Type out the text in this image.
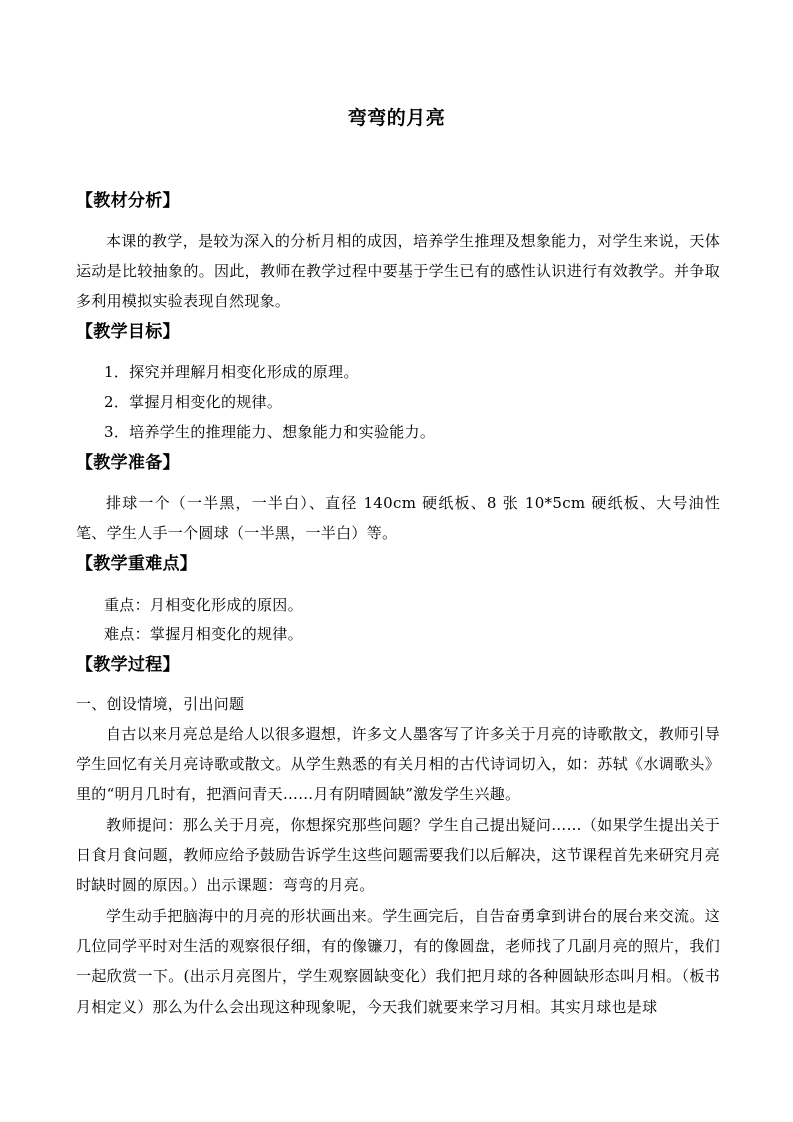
弯弯的月亮
【教材分析】
本课的教学，是较为深入的分析月相的成因，培养学生推理及想象能力，对学生来说，天体运动是比较抽象的。因此，教师在教学过程中要基于学生已有的感性认识进行有效教学。并争取多利用模拟实验表现自然现象。
【教学目标】
1．探究并理解月相变化形成的原理。
2．掌握月相变化的规律。
3．培养学生的推理能力、想象能力和实验能力。
【教学准备】
排球一个（一半黑，一半白）、直径 140cm 硬纸板、8 张 10*5cm 硬纸板、大号油性笔、学生人手一个圆球（一半黑，一半白）等。
【教学重难点】
重点：月相变化形成的原因。
难点：掌握月相变化的规律。
【教学过程】
一、创设情境，引出问题
自古以来月亮总是给人以很多遐想，许多文人墨客写了许多关于月亮的诗歌散文，教师引导学生回忆有关月亮诗歌或散文。从学生熟悉的有关月相的古代诗词切入，如：苏轼《水调歌头》里的“明月几时有，把酒问青天……月有阴晴圆缺”激发学生兴趣。
教师提问：那么关于月亮，你想探究那些问题？学生自己提出疑问……（如果学生提出关于日食月食问题，教师应给予鼓励告诉学生这些问题需要我们以后解决，这节课程首先来研究月亮时缺时圆的原因。）出示课题：弯弯的月亮。
学生动手把脑海中的月亮的形状画出来。学生画完后，自告奋勇拿到讲台的展台来交流。这几位同学平时对生活的观察很仔细，有的像镰刀，有的像圆盘，老师找了几副月亮的照片，我们一起欣赏一下。(出示月亮图片，学生观察圆缺变化）我们把月球的各种圆缺形态叫月相。（板书月相定义）那么为什么会出现这种现象呢，今天我们就要来学习月相。其实月球也是球
